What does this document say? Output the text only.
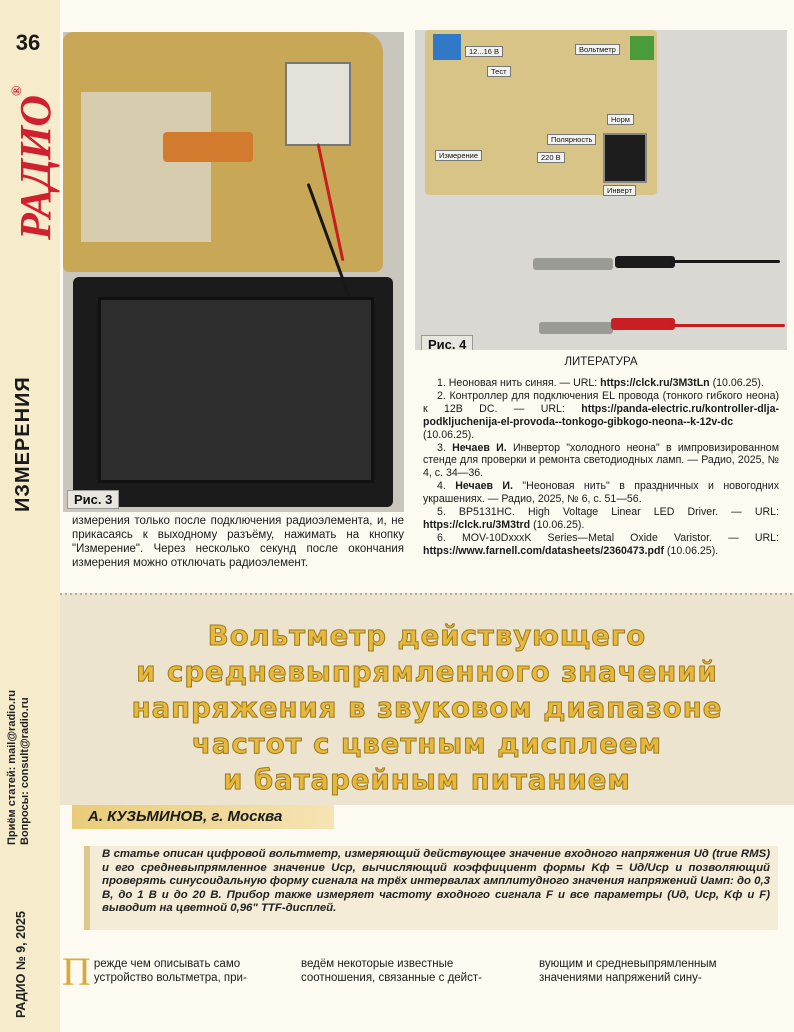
36
РАДИО®
ИЗМЕРЕНИЯ
Приём статей: mail@radio.ru Вопросы: consult@radio.ru
РАДИО № 9, 2025
Рис. 3
12...16 В	Вольтметр
Тест
Норм
Полярность
Измерение	220 В
Инверт
Рис. 4
измерения только после подключения радиоэлемента, и, не прикасаясь к выходному разъёму, нажимать на кнопку "Измерение". Через несколько секунд после окончания измерения можно отключать радиоэлемент.
ЛИТЕРАТУРА

1. Неоновая нить синяя. — URL: https://clck.ru/3M3tLn (10.06.25).

2. Контроллер для подключения EL провода (тонкого гибкого неона) к 12В DC. — URL: https://panda-electric.ru/kontroller-dlja-podkljuchenija-el-provoda--tonkogo-gibkogo-neona--k-12v-dc (10.06.25).

3. Нечаев И. Инвертор "холодного неона" в импровизированном стенде для проверки и ремонта светодиодных ламп. — Радио, 2025, № 4, с. 34—36.

4. Нечаев И. "Неоновая нить" в праздничных и новогодних украшениях. — Радио, 2025, № 6, с. 51—56.

5. BP5131HC. High Voltage Linear LED Driver. — URL: https://clck.ru/3M3trd (10.06.25).

6. MOV-10DxxxK Series—Metal Oxide Varistor. — URL: https://www.farnell.com/datasheets/2360473.pdf (10.06.25).

Вольтметр действующего
и средневыпрямленного значений
напряжения в звуковом диапазоне
частот с цветным дисплеем
и батарейным питанием
А. КУЗЬМИНОВ, г. Москва
В статье описан цифровой вольтметр, измеряющий действующее значение входного напряжения Uд (true RMS) и его средневыпрямленное значение Uср, вычисляющий коэффициент формы Kф = Uд/Uср и позволяющий проверять синусоидальную форму сигнала на трёх интервалах амплитудного значения напряжений Uамп: до 0,3 В, до 1 В и до 20 В. Прибор также измеряет частоту входного сигнала F и все параметры (Uд, Uср, Kф и F) выводит на цветной 0,96" TTF-дисплей.
Прежде чем описывать само устройство вольтметра, при-
ведём некоторые известные соотношения, связанные с дейст-
вующим и средневыпрямленным значениями напряжений сину-
